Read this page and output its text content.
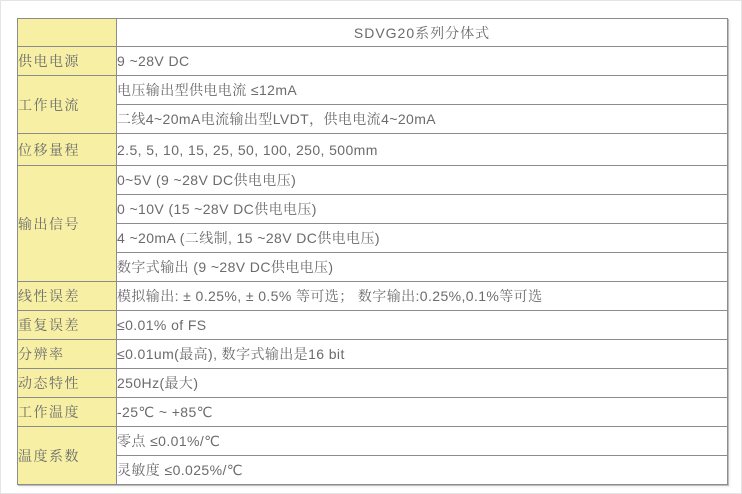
	SDVG20系列分体式
供电电源	9 ~28V DC
工作电流	电压输出型供电电流 ≤12mA
	二线4~20mA电流输出型LVDT，供电电流4~20mA
位移量程	2.5, 5, 10, 15, 25, 50, 100, 250, 500mm
输出信号	0~5V (9 ~28V DC供电电压)
	0 ~10V (15 ~28V DC供电电压)
	4 ~20mA (二线制, 15 ~28V DC供电电压)
	数字式输出 (9 ~28V DC供电电压)
线性误差	模拟输出: ± 0.25%, ± 0.5% 等可选； 数字输出:0.25%,0.1%等可选
重复误差	≤0.01% of FS
分辨率	≤0.01um(最高), 数字式输出是16 bit
动态特性	250Hz(最大)
工作温度	-25℃ ~ +85℃
温度系数	零点 ≤0.01%/℃
	灵敏度 ≤0.025%/℃
